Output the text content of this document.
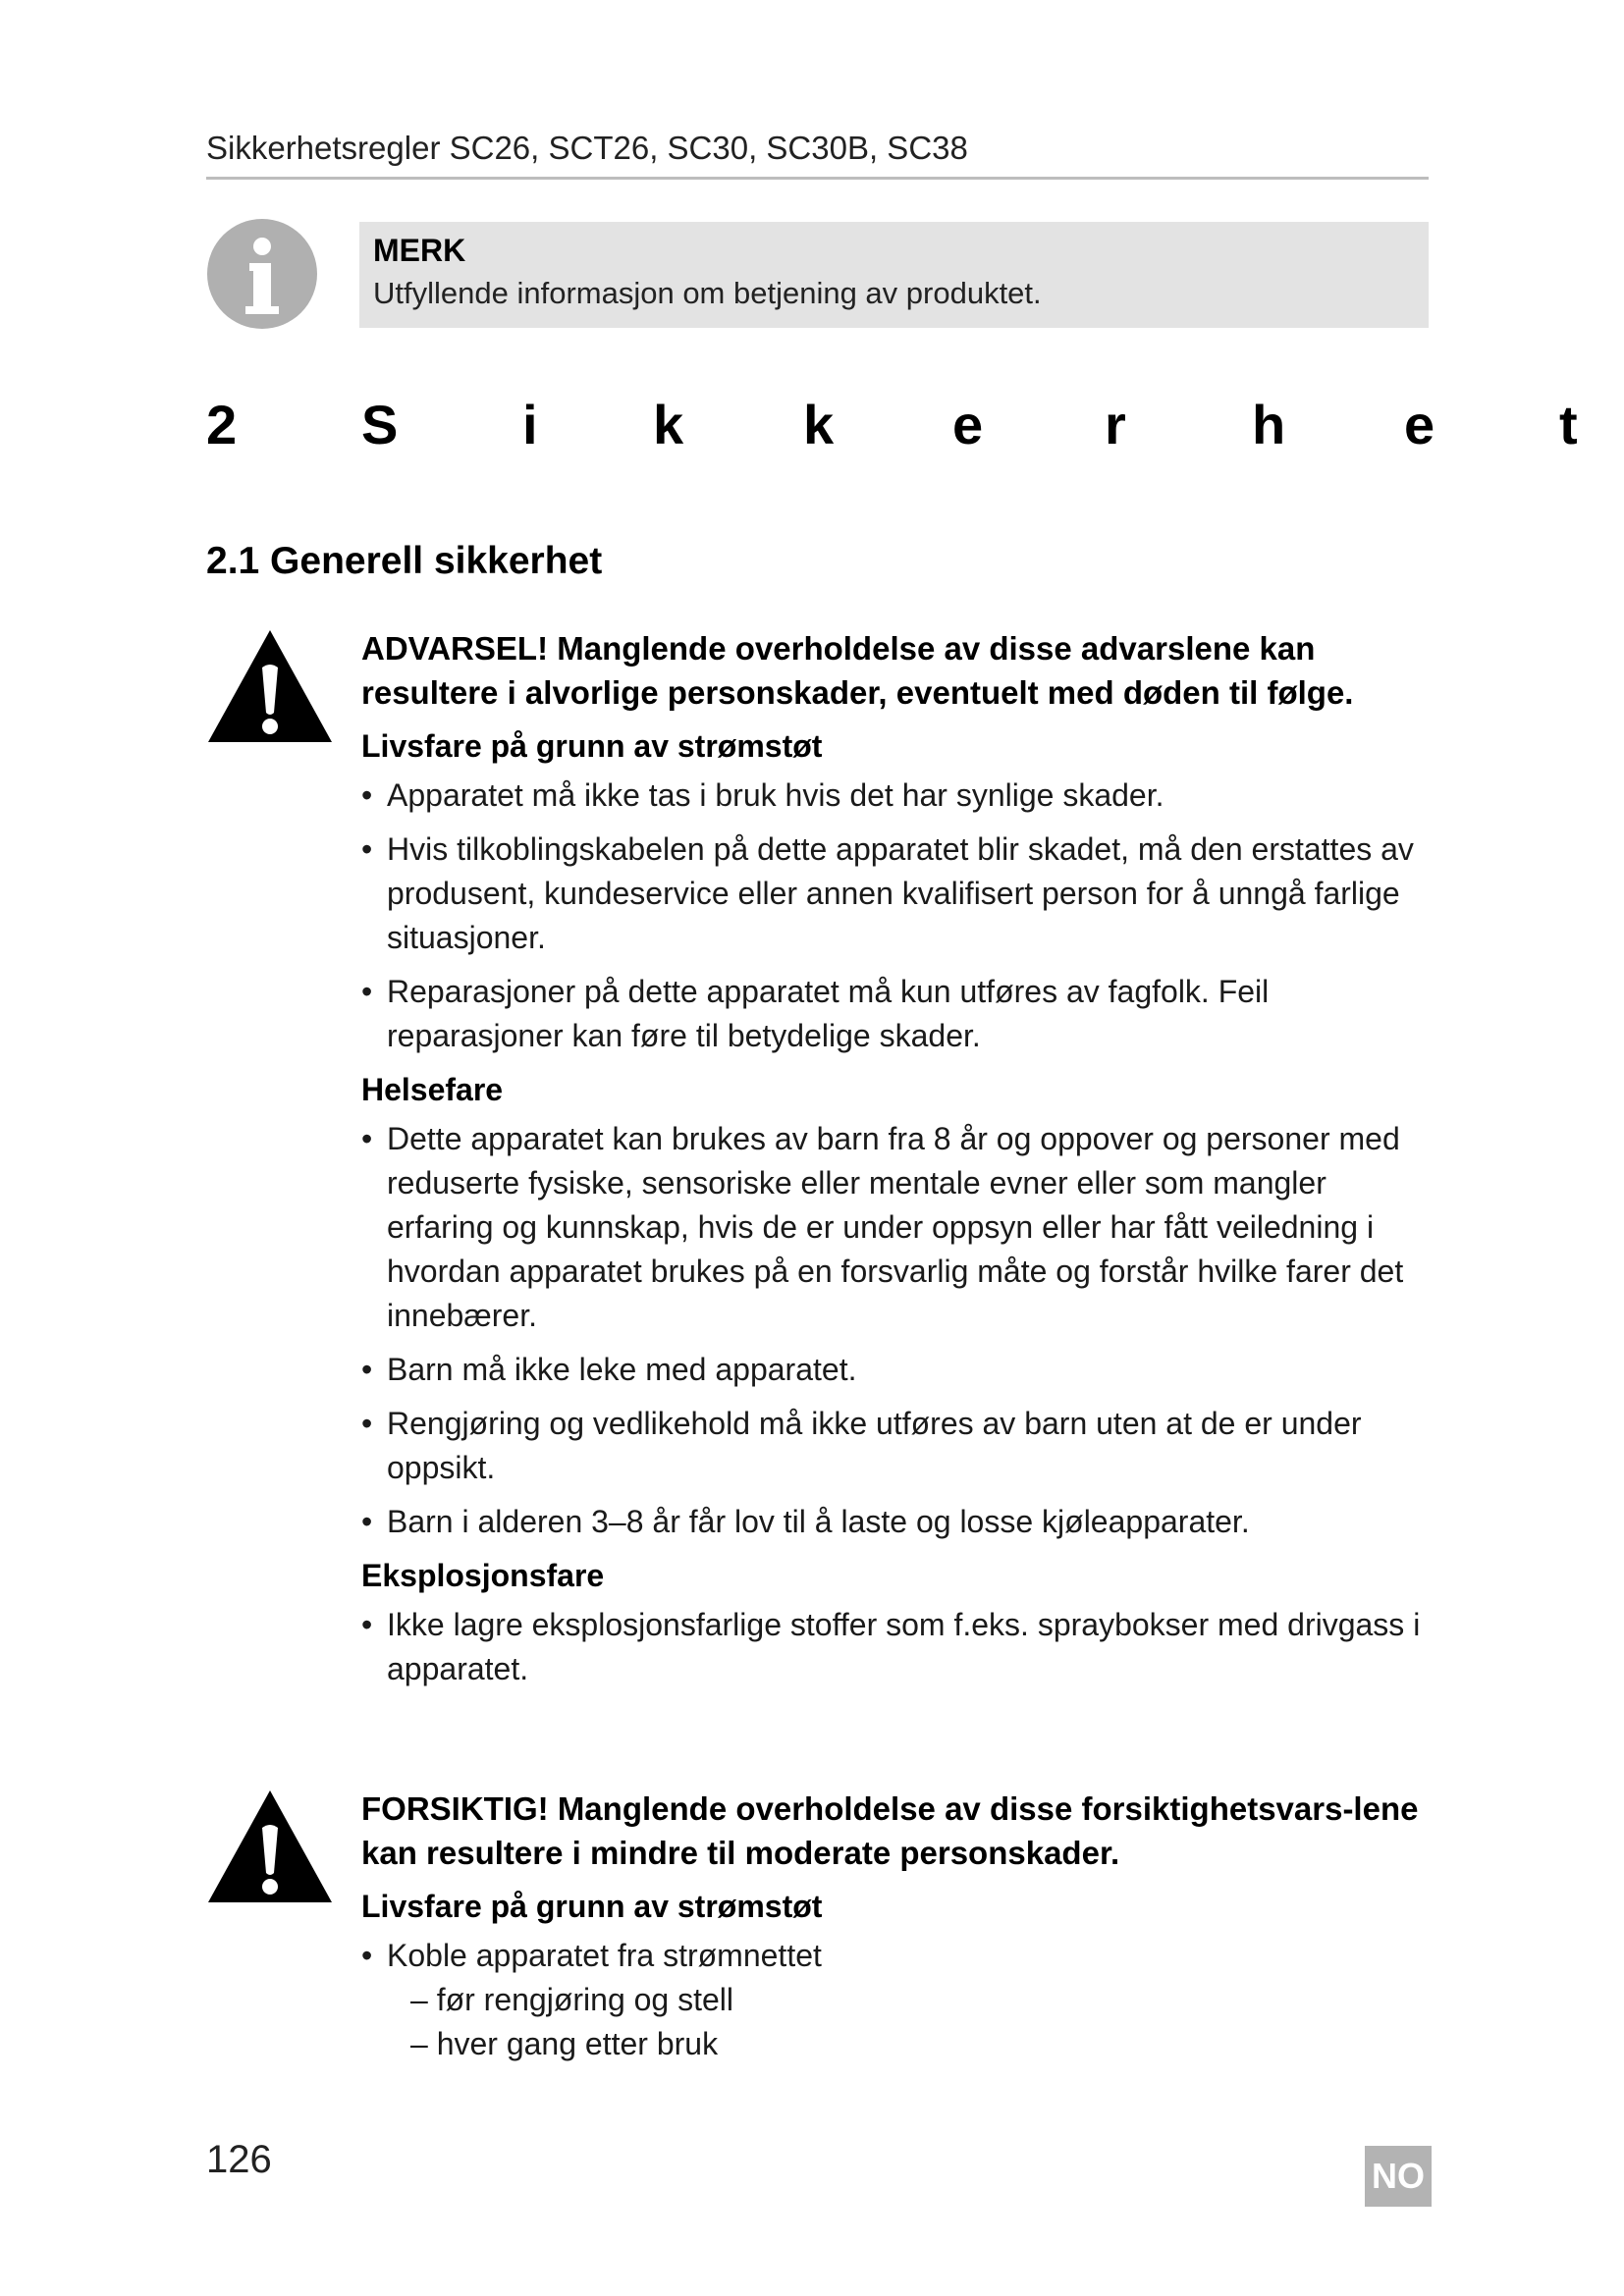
Sikkerhetsregler SC26, SCT26, SC30, SC30B, SC38
MERK
Utfyllende informasjon om betjening av produktet.
2 S i k k e r h e t
2.1 Generell sikkerhet
ADVARSEL! Manglende overholdelse av disse advarslene kan resultere i alvorlige personskader, eventuelt med døden til følge.
Livsfare på grunn av strømstøt
• Apparatet må ikke tas i bruk hvis det har synlige skader.
• Hvis tilkoblingskabelen på dette apparatet blir skadet, må den erstattes av produsent, kundeservice eller annen kvalifisert person for å unngå farlige situasjoner.
• Reparasjoner på dette apparatet må kun utføres av fagfolk. Feil reparasjoner kan føre til betydelige skader.
Helsefare
• Dette apparatet kan brukes av barn fra 8 år og oppover og personer med reduserte fysiske, sensoriske eller mentale evner eller som mangler erfaring og kunnskap, hvis de er under oppsyn eller har fått veiledning i hvordan apparatet brukes på en forsvarlig måte og forstår hvilke farer det innebærer.
• Barn må ikke leke med apparatet.
• Rengjøring og vedlikehold må ikke utføres av barn uten at de er under oppsikt.
• Barn i alderen 3–8 år får lov til å laste og losse kjøleapparater.
Eksplosjonsfare
• Ikke lagre eksplosjonsfarlige stoffer som f.eks. spraybokser med drivgass i apparatet.
FORSIKTIG! Manglende overholdelse av disse forsiktighetsvars-lene kan resultere i mindre til moderate personskader.
Livsfare på grunn av strømstøt
• Koble apparatet fra strømnettet
– før rengjøring og stell
– hver gang etter bruk
126	NO
